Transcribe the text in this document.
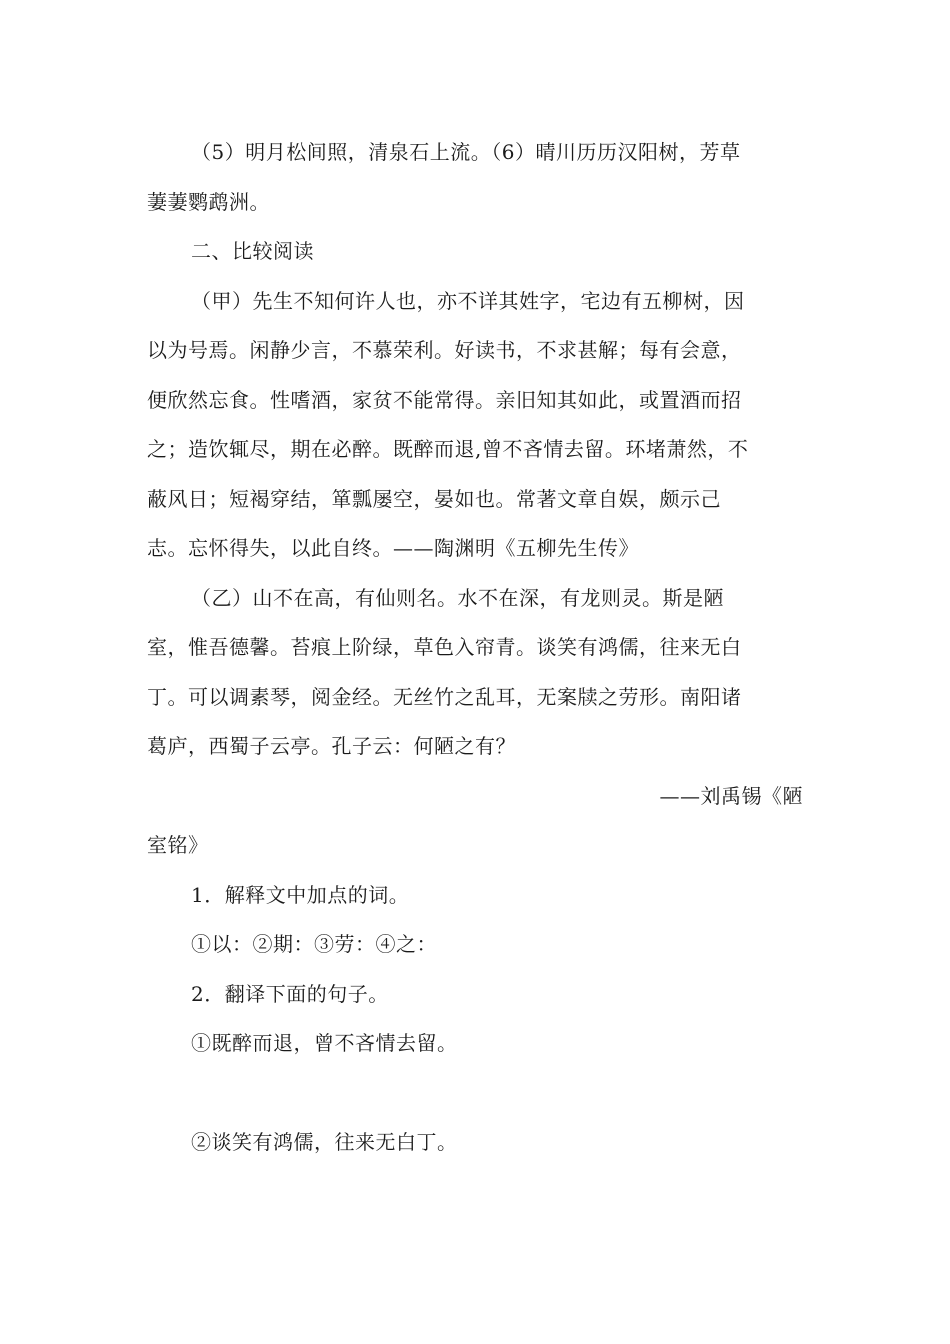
（5）明月松间照，清泉石上流。（6）晴川历历汉阳树，芳草
萋萋鹦鹉洲。
二、比较阅读
（甲）先生不知何许人也，亦不详其姓字，宅边有五柳树，因
以为号焉。闲静少言，不慕荣利。好读书，不求甚解；每有会意，
便欣然忘食。性嗜酒，家贫不能常得。亲旧知其如此，或置酒而招
之；造饮辄尽，期在必醉。既醉而退,曾不吝情去留。环堵萧然，不
蔽风日；短褐穿结，箪瓢屡空，晏如也。常著文章自娱，颇示己
志。忘怀得失，以此自终。——陶渊明《五柳先生传》
（乙）山不在高，有仙则名。水不在深，有龙则灵。斯是陋
室，惟吾德馨。苔痕上阶绿，草色入帘青。谈笑有鸿儒，往来无白
丁。可以调素琴，阅金经。无丝竹之乱耳，无案牍之劳形。南阳诸
葛庐，西蜀子云亭。孔子云：何陋之有？
——刘禹锡《陋
室铭》
1．解释文中加点的词。
①以：②期：③劳：④之：
2．翻译下面的句子。
①既醉而退，曾不吝情去留。
②谈笑有鸿儒，往来无白丁。
